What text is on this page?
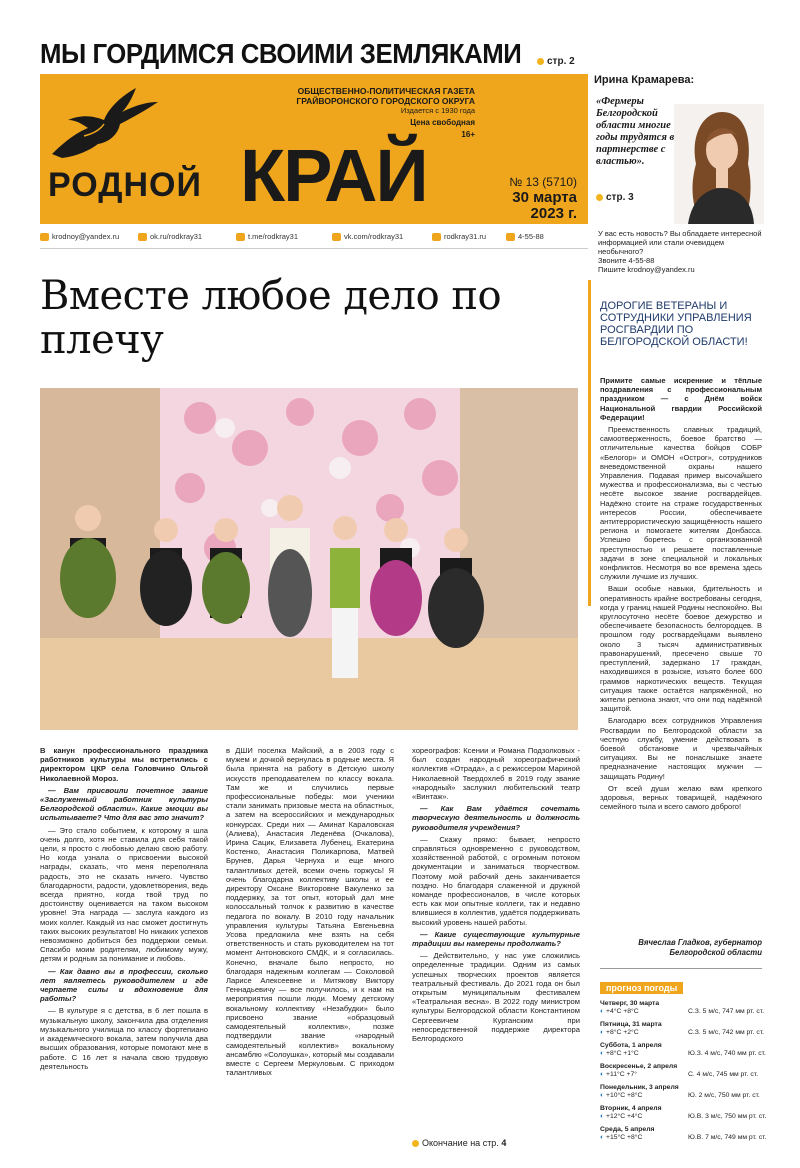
МЫ ГОРДИМСЯ СВОИМИ ЗЕМЛЯКАМИ	стр. 2
ОБЩЕСТВЕННО-ПОЛИТИЧЕСКАЯ ГАЗЕТА
ГРАЙВОРОНСКОГО ГОРОДСКОГО ОКРУГА
Издается с 1930 года
Цена свободная
16+
РОДНОЙ КРАЙ	№ 13 (5710)
30 марта
2023 г.
Ирина Крамарева:
«Фермеры Белгородской области многие годы трудятся в партнерстве с властью».
стр. 3
krodnoy@yandex.ru	ok.ru/rodkray31	t.me/rodkray31	vk.com/rodkray31	rodkray31.ru	4-55-88	У вас есть новость? Вы обладаете интересной информацией или стали очевидцем необычного?
Звоните 4-55-88
Пишите krodnoy@yandex.ru
Вместе любое дело по плечу

В канун профессионального праздника работников культуры мы встретились с директором ЦКР села Головчино Ольгой Николаевной Мороз.

— Вам присвоили почетное звание «Заслуженный работник культуры Белгородской области». Какие эмоции вы испытываете? Что для вас это значит?

— Это стало событием, к которому я шла очень долго, хотя не ставила для себя такой цели, я просто с любовью делаю свою работу. Но когда узнала о присвоении высокой награды, сказать, что меня переполняла радость, это не сказать ничего. Чувство благодарности, радости, удовлетворения, ведь всегда приятно, когда твой труд по достоинству оценивается на таком высоком уровне! Эта награда — заслуга каждого из моих коллег. Каждый из нас сможет достигнуть таких высоких результатов! Но никаких успехов невозможно добиться без поддержки семьи. Спасибо моим родителям, любимому мужу, детям и родным за понимание и любовь.

— Как давно вы в профессии, сколько лет являетесь руководителем и где черпаете силы и вдохновение для работы?

— В культуре я с детства, в 6 лет пошла в музыкальную школу, закончила два отделения музыкального училища по классу фортепиано и академического вокала, затем получила два высших образования, которые помогают мне в работе. С 16 лет я начала свою трудовую деятельность

в ДШИ поселка Майский, а в 2003 году с мужем и дочкой вернулась в родные места. Я была принята на работу в Детскую школу искусств преподавателем по классу вокала. Там же и случились первые профессиональные победы: мои ученики стали занимать призовые места на областных, а затем на всероссийских и международных конкурсах. Среди них — Аминат Караловская (Алиева), Анастасия Леденёва (Очкалова), Ирина Сацик, Елизавета Лубенец, Екатерина Костенко, Анастасия Поликарпова, Матвей Брунев, Дарья Чернуха и еще много талантливых детей, всеми очень горжусь! Я очень благодарна коллективу школы и ее директору Оксане Викторовне Вакуленко за поддержку, за тот опыт, который дал мне колоссальный толчок к развитию в качестве педагога по вокалу. В 2010 году начальник управления культуры Татьяна Евгеньевна Усова предложила мне взять на себя ответственность и стать руководителем на тот момент Антоновского СМДК, и я согласилась. Конечно, вначале было непросто, но благодаря надежным коллегам — Соколовой Ларисе Алексеевне и Митякову Виктору Геннадьевичу — все получилось, и к нам на мероприятия пошли люди. Моему детскому вокальному коллективу «Незабудки» было присвоено звание «образцовый самодеятельный коллектив», позже подтвердили звание «народный самодеятельный коллектив» вокальному ансамблю «Солоушка», который мы создавали вместе с Сергеем Меркуловым. С приходом талантливых

хореографов: Ксении и Романа Подзолковых - был создан народный хореографический коллектив «Отрада», а с режиссером Мариной Николаевной Твердохлеб в 2019 году звание «народный» заслужил любительский театр «Винтаж».

— Как Вам удаётся сочетать творческую деятельность и должность руководителя учреждения?

— Скажу прямо: бывает, непросто справляться одновременно с руководством, хозяйственной работой, с огромным потоком документации и заниматься творчеством. Поэтому мой рабочий день заканчивается поздно. Но благодаря слаженной и дружной команде профессионалов, в числе которых есть как мои опытные коллеги, так и недавно влившиеся в коллектив, удаётся поддерживать высокий уровень нашей работы.

— Какие существующие культурные традиции вы намерены продолжать?

— Действительно, у нас уже сложились определенные традиции. Одним из самых успешных творческих проектов является театральный фестиваль. До 2021 года он был открытым муниципальным фестивалем «Театральная весна». В 2022 году министром культуры Белгородской области Константином Сергеевичем Курганским при непосредственной поддержке директора Белгородского

Окончание на стр. 4
ДОРОГИЕ ВЕТЕРАНЫ И СОТРУДНИКИ УПРАВЛЕНИЯ РОСГВАРДИИ ПО БЕЛГОРОДСКОЙ ОБЛАСТИ!

Примите самые искренние и тёплые поздравления с профессиональным праздником — с Днём войск Национальной гвардии Российской Федерации!

Преемственность славных традиций, самоотверженность, боевое братство — отличительные качества бойцов СОБР «Белогор» и ОМОН «Острог», сотрудников вневедомственной охраны нашего Управления. Подавая пример высочайшего мужества и профессионализма, вы с честью несёте высокое звание росгвардейцев. Надёжно стоите на страже государственных интересов России, обеспечиваете антитеррористическую защищённость нашего региона и помогаете жителям Донбасса. Успешно боретесь с организованной преступностью и решаете поставленные задачи в зоне специальной и локальных конфликтов. Несмотря во все времена здесь служили лучшие из лучших.

Ваши особые навыки, бдительность и оперативность крайне востребованы сегодня, когда у границ нашей Родины неспокойно. Вы круглосуточно несёте боевое дежурство и обеспечиваете безопасность белгородцев. В прошлом году росгвардейцами выявлено около 3 тысяч административных правонарушений, пресечено свыше 70 преступлений, задержано 17 граждан, находившихся в розыске, изъято более 600 граммов наркотических веществ. Текущая ситуация также остаётся напряжённой, но жители региона знают, что они под надёжной защитой.

Благодарю всех сотрудников Управления Росгвардии по Белгородской области за честную службу, умение действовать в боевой обстановке и чрезвычайных ситуациях. Вы не понаслышке знаете предназначение настоящих мужчин — защищать Родину!

От всей души желаю вам крепкого здоровья, верных товарищей, надёжного семейного тыла и всего самого доброго!

Вячеслав Гладков, губернатор Белгородской области
прогноз погоды
Четверг, 30 марта
◐ +4°С +8°С	С.З. 5 м/с, 747 мм рт. ст.
Пятница, 31 марта
◐ +8°С +2°С	С.З. 5 м/с, 742 мм рт. ст.
Суббота, 1 апреля
◐ +8°С +1°С	Ю.З. 4 м/с, 740 мм рт. ст.
Воскресенье, 2 апреля
◐ +11°С +7°	С. 4 м/с, 745 мм рт. ст.
Понедельник, 3 апреля
◐ +10°С +8°С	Ю. 2 м/с, 750 мм рт. ст.
Вторник, 4 апреля
◐ +12°С +4°С	Ю.В. 3 м/с, 750 мм рт. ст.
Среда, 5 апреля
◐ +15°С +8°С	Ю.В. 7 м/с, 749 мм рт. ст.
